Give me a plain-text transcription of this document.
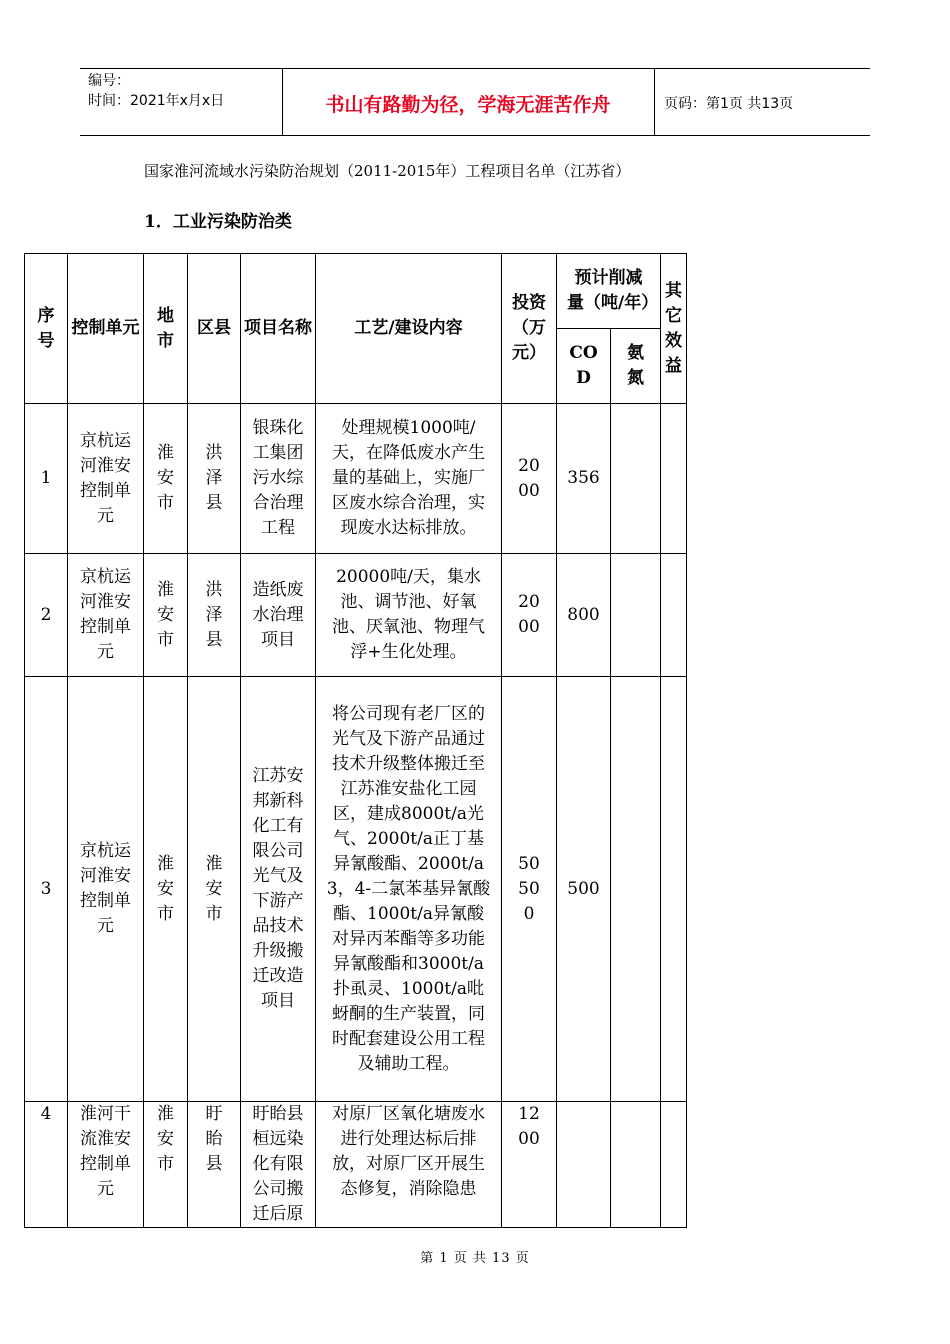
编号：
时间：2021年x月x日	书山有路勤为径，学海无涯苦作舟	页码：第1页 共13页
国家淮河流域水污染防治规划（2011-2015年）工程项目名单（江苏省）
1．工业污染防治类
序号	控制单元	地市	区县	项目名称	工艺/建设内容	投资（万元）	预计削减量（吨/年）		其它效益
							COD	氨氮	
1	京杭运河淮安控制单元	淮安市	洪泽县	银珠化工集团污水综合治理工程	处理规模1000吨/天，在降低废水产生量的基础上，实施厂区废水综合治理，实现废水达标排放。	2000	356		
2	京杭运河淮安控制单元	淮安市	洪泽县	造纸废水治理项目	20000吨/天，集水池、调节池、好氧池、厌氧池、物理气浮+生化处理。	2000	800		
3	京杭运河淮安控制单元	淮安市	淮安市	江苏安邦新科化工有限公司光气及下游产品技术升级搬迁改造项目	将公司现有老厂区的光气及下游产品通过技术升级整体搬迁至江苏淮安盐化工园区，建成8000t/a光气、2000t/a正丁基异氰酸酯、2000t/a 3，4-二氯苯基异氰酸酯、1000t/a异氰酸对异丙苯酯等多功能异氰酸酯和3000t/a扑虱灵、1000t/a吡蚜酮的生产装置，同时配套建设公用工程及辅助工程。	50500	500		
4	淮河干流淮安控制单元	淮安市	盱眙县	盱眙县桓远染化有限公司搬迁后原	对原厂区氧化塘废水进行处理达标后排放，对原厂区开展生态修复，消除隐患	1200			
第 1 页 共 13 页
